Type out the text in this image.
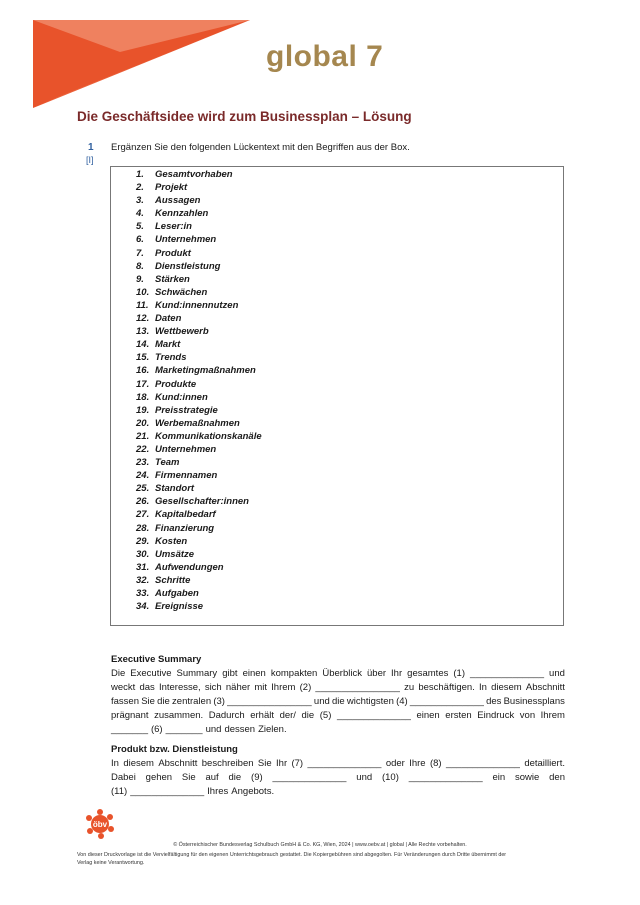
global 7
Die Geschäftsidee wird zum Businessplan – Lösung
1
[I]
Ergänzen Sie den folgenden Lückentext mit den Begriffen aus der Box.
1. Gesamtvorhaben
2. Projekt
3. Aussagen
4. Kennzahlen
5. Leser:in
6. Unternehmen
7. Produkt
8. Dienstleistung
9. Stärken
10. Schwächen
11. Kund:innennutzen
12. Daten
13. Wettbewerb
14. Markt
15. Trends
16. Marketingmaßnahmen
17. Produkte
18. Kund:innen
19. Preisstrategie
20. Werbemaßnahmen
21. Kommunikationskanäle
22. Unternehmen
23. Team
24. Firmennamen
25. Standort
26. Gesellschafter:innen
27. Kapitalbedarf
28. Finanzierung
29. Kosten
30. Umsätze
31. Aufwendungen
32. Schritte
33. Aufgaben
34. Ereignisse
Executive Summary
Die Executive Summary gibt einen kompakten Überblick über Ihr gesamtes (1) ______________ und
weckt das Interesse, sich näher mit Ihrem (2) ________________ zu beschäftigen. In diesem Abschnitt
fassen Sie die zentralen (3) ________________ und die wichtigsten (4) ______________ des Businessplans
prägnant zusammen. Dadurch erhält der/ die (5) ______________ einen ersten Eindruck von Ihrem
_______ (6) _______ und dessen Zielen.
Produkt bzw. Dienstleistung
In diesem Abschnitt beschreiben Sie Ihr (7) ______________ oder Ihre (8) ______________ detailliert.
Dabei gehen Sie auf die (9) ______________ und (10) ______________ ein sowie den
(11) ______________ Ihres Angebots.
öbv
© Österreichischer Bundesverlag Schulbuch GmbH & Co. KG, Wien, 2024 | www.oebv.at | global | Alle Rechte vorbehalten.
Von dieser Druckvorlage ist die Vervielfältigung für den eigenen Unterrichtsgebrauch gestattet. Die Kopiergebühren sind abgegolten. Für Veränderungen durch Dritte übernimmt der
Verlag keine Verantwortung.
